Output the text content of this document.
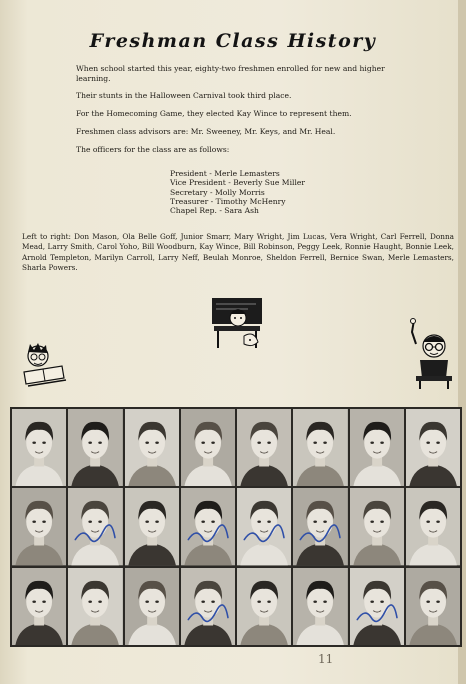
Freshman Class History

When school started this year, eighty-two freshmen enrolled for new and higher learning.

Their stunts in the Halloween Carnival took third place.

For the Homecoming Game, they elected Kay Wince to represent them.

Freshmen class advisors are: Mr. Sweeney, Mr. Keys, and Mr. Heal.

The officers for the class are as follows:

President - Merle Lemasters
Vice President - Beverly Sue Miller
Secretary - Molly Morris
Treasurer - Timothy McHenry
Chapel Rep. - Sara Ash
Left to right: Don Mason, Ola Belle Goff, Junior Smarr, Mary Wright, Jim Lucas, Vera Wright, Carl Ferrell, Donna Mead, Larry Smith, Carol Yoho, Bill Woodburn, Kay Wince, Bill Robinson, Peggy Leek, Ronnie Haught, Bonnie Leek, Arnold Templeton, Marilyn Carroll, Larry Neff, Beulah Monroe, Sheldon Ferrell, Bernice Swan, Merle Lemasters, Sharla Powers.
11
